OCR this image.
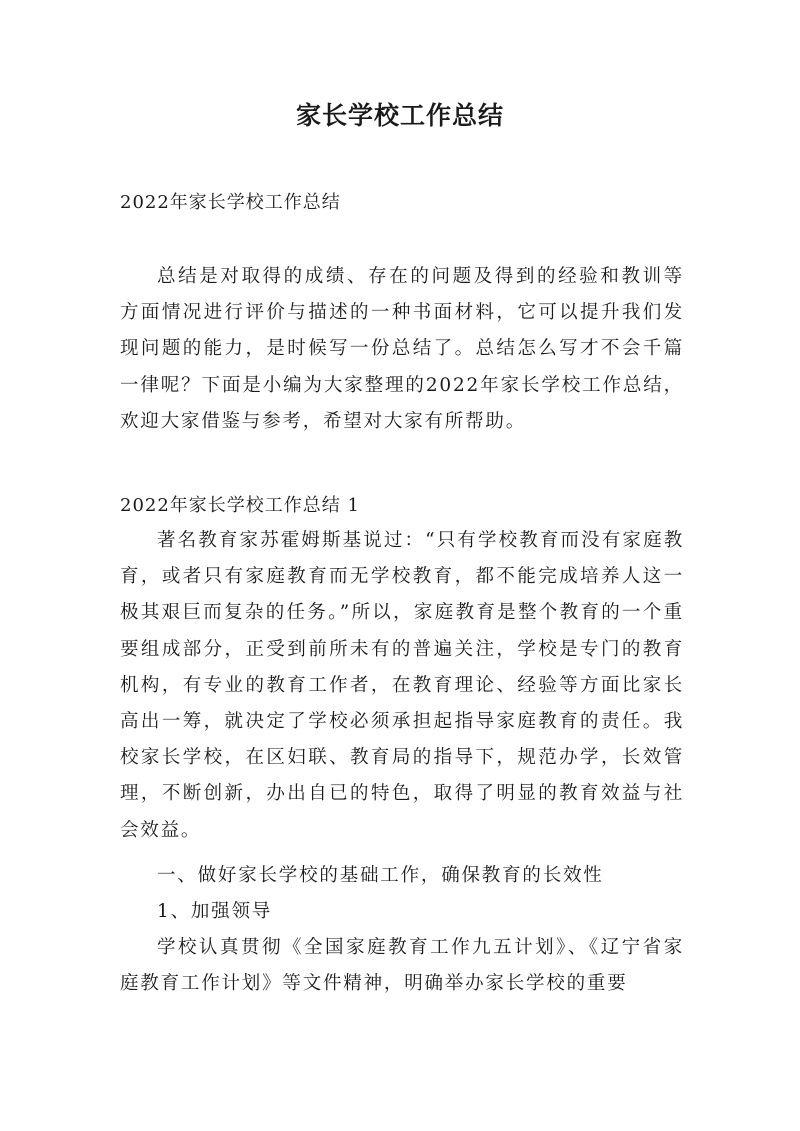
家长学校工作总结

2022年家长学校工作总结

总结是对取得的成绩、存在的问题及得到的经验和教训等方面情况进行评价与描述的一种书面材料，它可以提升我们发现问题的能力，是时候写一份总结了。总结怎么写才不会千篇一律呢？下面是小编为大家整理的2022年家长学校工作总结，欢迎大家借鉴与参考，希望对大家有所帮助。

2022年家长学校工作总结 1

著名教育家苏霍姆斯基说过：“只有学校教育而没有家庭教育，或者只有家庭教育而无学校教育，都不能完成培养人这一极其艰巨而复杂的任务。”所以，家庭教育是整个教育的一个重要组成部分，正受到前所未有的普遍关注，学校是专门的教育机构，有专业的教育工作者，在教育理论、经验等方面比家长高出一筹，就决定了学校必须承担起指导家庭教育的责任。我校家长学校，在区妇联、教育局的指导下，规范办学，长效管理，不断创新，办出自已的特色，取得了明显的教育效益与社会效益。

一、做好家长学校的基础工作，确保教育的长效性

1、加强领导

学校认真贯彻《全国家庭教育工作九五计划》、《辽宁省家庭教育工作计划》等文件精神，明确举办家长学校的重要
